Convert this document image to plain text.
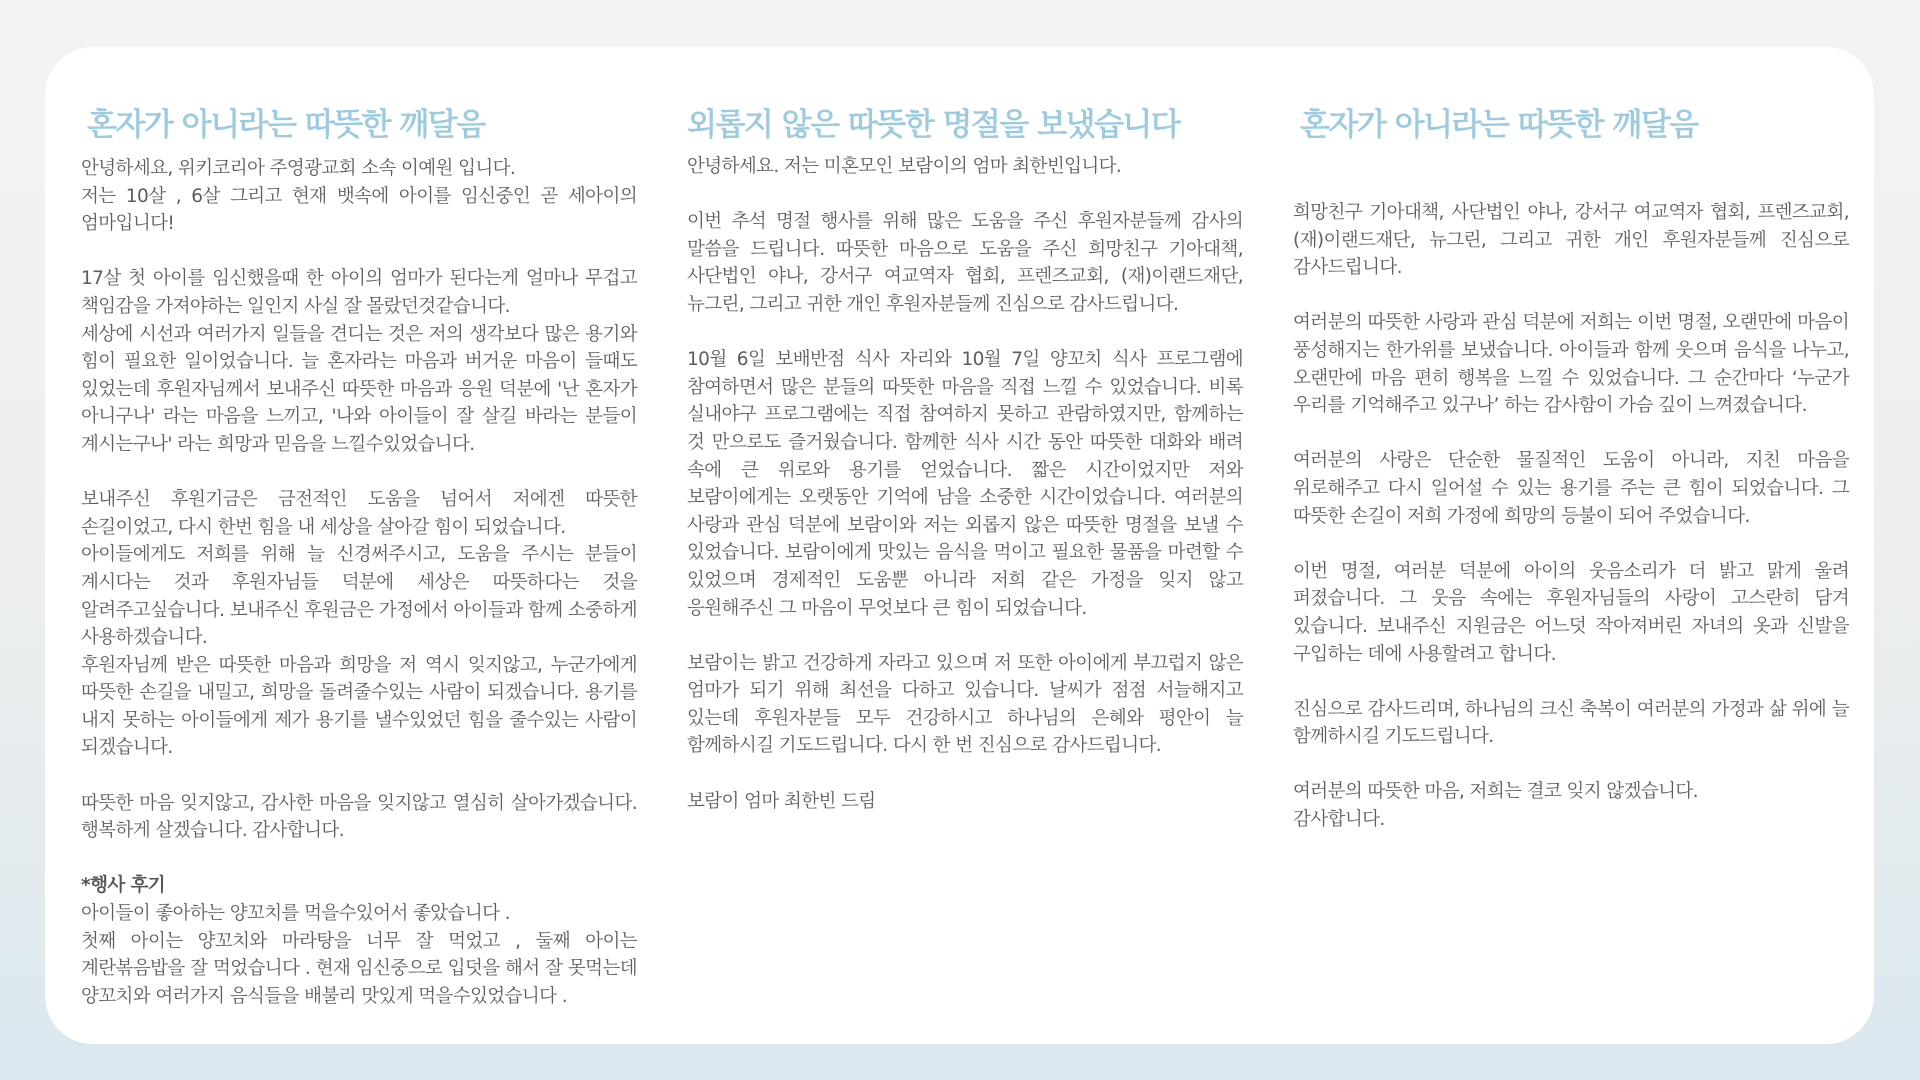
혼자가 아니라는 따뜻한 깨달음

안녕하세요, 위키코리아 주영광교회 소속 이예원 입니다.
저는 10살 , 6살 그리고 현재 뱃속에 아이를 임신중인 곧 세아이의 엄마입니다!

17살 첫 아이를 임신했을때 한 아이의 엄마가 된다는게 얼마나 무겁고 책임감을 가져야하는 일인지 사실 잘 몰랐던것같습니다.
세상에 시선과 여러가지 일들을 견디는 것은 저의 생각보다 많은 용기와 힘이 필요한 일이었습니다. 늘 혼자라는 마음과 버거운 마음이 들때도 있었는데 후원자님께서 보내주신 따뜻한 마음과 응원 덕분에 '난 혼자가 아니구나' 라는 마음을 느끼고, '나와 아이들이 잘 살길 바라는 분들이 계시는구나' 라는 희망과 믿음을 느낄수있었습니다.

보내주신 후원기금은 금전적인 도움을 넘어서 저에겐 따뜻한 손길이었고, 다시 한번 힘을 내 세상을 살아갈 힘이 되었습니다.
아이들에게도 저희를 위해 늘 신경써주시고, 도움을 주시는 분들이 계시다는 것과 후원자님들 덕분에 세상은 따뜻하다는 것을 알려주고싶습니다. 보내주신 후원금은 가정에서 아이들과 함께 소중하게 사용하겠습니다.
후원자님께 받은 따뜻한 마음과 희망을 저 역시 잊지않고, 누군가에게 따뜻한 손길을 내밀고, 희망을 돌려줄수있는 사람이 되겠습니다. 용기를 내지 못하는 아이들에게 제가 용기를 낼수있었던 힘을 줄수있는 사람이 되겠습니다.

따뜻한 마음 잊지않고, 감사한 마음을 잊지않고 열심히 살아가겠습니다. 행복하게 살겠습니다. 감사합니다.

*행사 후기

아이들이 좋아하는 양꼬치를 먹을수있어서 좋았습니다 .
첫째 아이는 양꼬치와 마라탕을 너무 잘 먹었고 , 둘째 아이는 계란볶음밥을 잘 먹었습니다 . 현재 임신중으로 입덧을 해서 잘 못먹는데 양꼬치와 여러가지 음식들을 배불리 맛있게 먹을수있었습니다 .

외롭지 않은 따뜻한 명절을 보냈습니다

안녕하세요. 저는 미혼모인 보람이의 엄마 최한빈입니다.

이번 추석 명절 행사를 위해 많은 도움을 주신 후원자분들께 감사의 말씀을 드립니다. 따뜻한 마음으로 도움을 주신 희망친구 기아대책, 사단법인 야나, 강서구 여교역자 협회, 프렌즈교회, (재)이랜드재단, 뉴그린, 그리고 귀한 개인 후원자분들께 진심으로 감사드립니다.

10월 6일 보배반점 식사 자리와 10월 7일 양꼬치 식사 프로그램에 참여하면서 많은 분들의 따뜻한 마음을 직접 느낄 수 있었습니다. 비록 실내야구 프로그램에는 직접 참여하지 못하고 관람하였지만, 함께하는 것 만으로도 즐거웠습니다. 함께한 식사 시간 동안 따뜻한 대화와 배려 속에 큰 위로와 용기를 얻었습니다. 짧은 시간이었지만 저와 보람이에게는 오랫동안 기억에 남을 소중한 시간이었습니다. 여러분의 사랑과 관심 덕분에 보람이와 저는 외롭지 않은 따뜻한 명절을 보낼 수 있었습니다. 보람이에게 맛있는 음식을 먹이고 필요한 물품을 마련할 수 있었으며 경제적인 도움뿐 아니라 저희 같은 가정을 잊지 않고 응원해주신 그 마음이 무엇보다 큰 힘이 되었습니다.

보람이는 밝고 건강하게 자라고 있으며 저 또한 아이에게 부끄럽지 않은 엄마가 되기 위해 최선을 다하고 있습니다. 날씨가 점점 서늘해지고 있는데 후원자분들 모두 건강하시고 하나님의 은혜와 평안이 늘 함께하시길 기도드립니다. 다시 한 번 진심으로 감사드립니다.

보람이 엄마 최한빈 드림

혼자가 아니라는 따뜻한 깨달음

희망친구 기아대책, 사단법인 야나, 강서구 여교역자 협회, 프렌즈교회, (재)이랜드재단, 뉴그린, 그리고 귀한 개인 후원자분들께 진심으로 감사드립니다.

여러분의 따뜻한 사랑과 관심 덕분에 저희는 이번 명절, 오랜만에 마음이 풍성해지는 한가위를 보냈습니다. 아이들과 함께 웃으며 음식을 나누고, 오랜만에 마음 편히 행복을 느낄 수 있었습니다. 그 순간마다 ‘누군가 우리를 기억해주고 있구나’ 하는 감사함이 가슴 깊이 느껴졌습니다.

여러분의 사랑은 단순한 물질적인 도움이 아니라, 지친 마음을 위로해주고 다시 일어설 수 있는 용기를 주는 큰 힘이 되었습니다. 그 따뜻한 손길이 저희 가정에 희망의 등불이 되어 주었습니다.

이번 명절, 여러분 덕분에 아이의 웃음소리가 더 밝고 맑게 울려 퍼졌습니다. 그 웃음 속에는 후원자님들의 사랑이 고스란히 담겨 있습니다. 보내주신 지원금은 어느덧 작아져버린 자녀의 옷과 신발을 구입하는 데에 사용할려고 합니다.

진심으로 감사드리며, 하나님의 크신 축복이 여러분의 가정과 삶 위에 늘 함께하시길 기도드립니다.

여러분의 따뜻한 마음, 저희는 결코 잊지 않겠습니다.
감사합니다.
